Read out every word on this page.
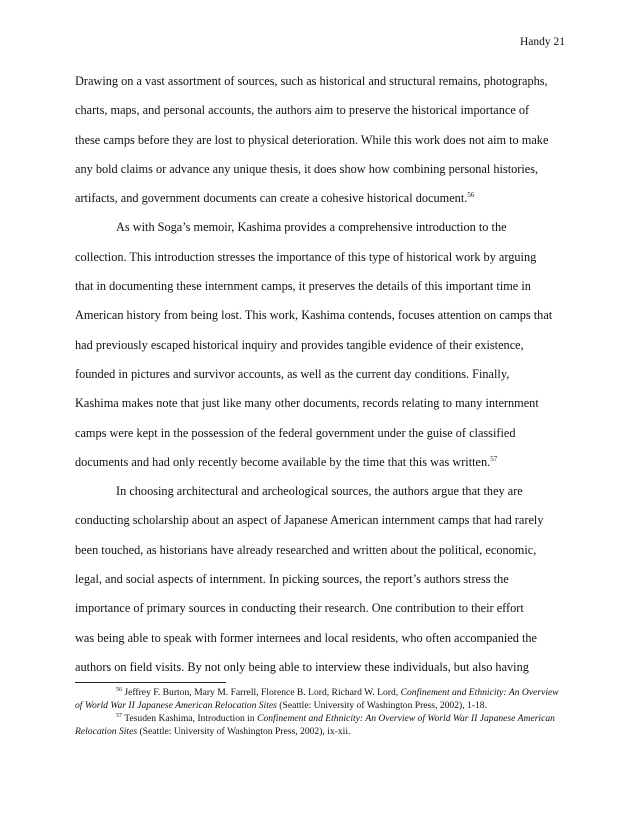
Handy 21
Drawing on a vast assortment of sources, such as historical and structural remains, photographs,
charts, maps, and personal accounts, the authors aim to preserve the historical importance of
these camps before they are lost to physical deterioration. While this work does not aim to make
any bold claims or advance any unique thesis, it does show how combining personal histories,
artifacts, and government documents can create a cohesive historical document.$^{56}$
As with Soga’s memoir, Kashima provides a comprehensive introduction to the
collection. This introduction stresses the importance of this type of historical work by arguing
that in documenting these internment camps, it preserves the details of this important time in
American history from being lost. This work, Kashima contends, focuses attention on camps that
had previously escaped historical inquiry and provides tangible evidence of their existence,
founded in pictures and survivor accounts, as well as the current day conditions. Finally,
Kashima makes note that just like many other documents, records relating to many internment
camps were kept in the possession of the federal government under the guise of classified
documents and had only recently become available by the time that this was written.$^{57}$
In choosing architectural and archeological sources, the authors argue that they are
conducting scholarship about an aspect of Japanese American internment camps that had rarely
been touched, as historians have already researched and written about the political, economic,
legal, and social aspects of internment. In picking sources, the report’s authors stress the
importance of primary sources in conducting their research. One contribution to their effort
was being able to speak with former internees and local residents, who often accompanied the
authors on field visits. By not only being able to interview these individuals, but also having
$^{56}$ Jeffrey F. Burton, Mary M. Farrell, Florence B. Lord, Richard W. Lord, Confinement and Ethnicity: An Overview of World War II Japanese American Relocation Sites (Seattle: University of Washington Press, 2002), 1-18.
$^{57}$ Tesuden Kashima, Introduction in Confinement and Ethnicity: An Overview of World War II Japanese American Relocation Sites (Seattle: University of Washington Press, 2002), ix-xii.
